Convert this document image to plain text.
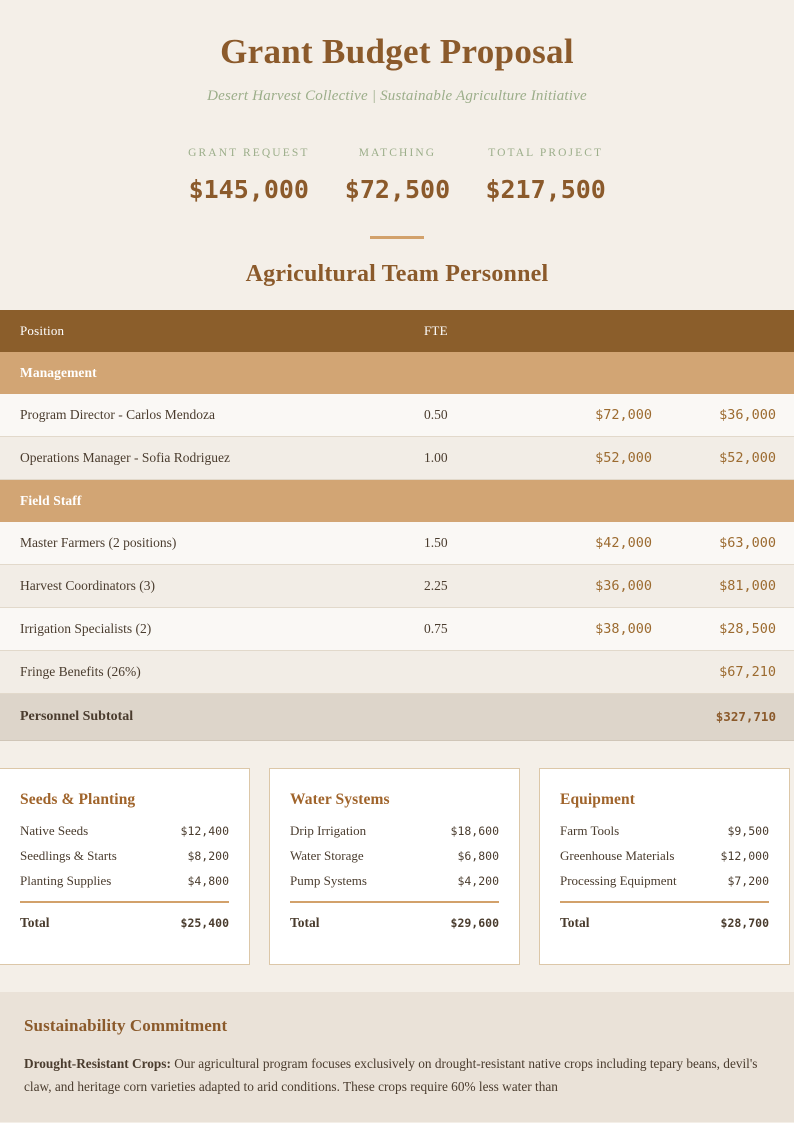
Grant Budget Proposal
Desert Harvest Collective | Sustainable Agriculture Initiative
GRANT REQUEST
$145,000
MATCHING
$72,500
TOTAL PROJECT
$217,500
Agricultural Team Personnel
Position	FTE		
Management			
Program Director - Carlos Mendoza	0.50	$72,000	$36,000
Operations Manager - Sofia Rodriguez	1.00	$52,000	$52,000
Field Staff			
Master Farmers (2 positions)	1.50	$42,000	$63,000
Harvest Coordinators (3)	2.25	$36,000	$81,000
Irrigation Specialists (2)	0.75	$38,000	$28,500
Fringe Benefits (26%)			$67,210
Personnel Subtotal			$327,710
Seeds & Planting
Native Seeds	$12,400
Seedlings & Starts	$8,200
Planting Supplies	$4,800
Total	$25,400
Water Systems
Drip Irrigation	$18,600
Water Storage	$6,800
Pump Systems	$4,200
Total	$29,600
Equipment
Farm Tools	$9,500
Greenhouse Materials	$12,000
Processing Equipment	$7,200
Total	$28,700
Sustainability Commitment
Drought-Resistant Crops: Our agricultural program focuses exclusively on drought-resistant native crops including tepary beans, devil's claw, and heritage corn varieties adapted to arid conditions. These crops require 60% less water than
